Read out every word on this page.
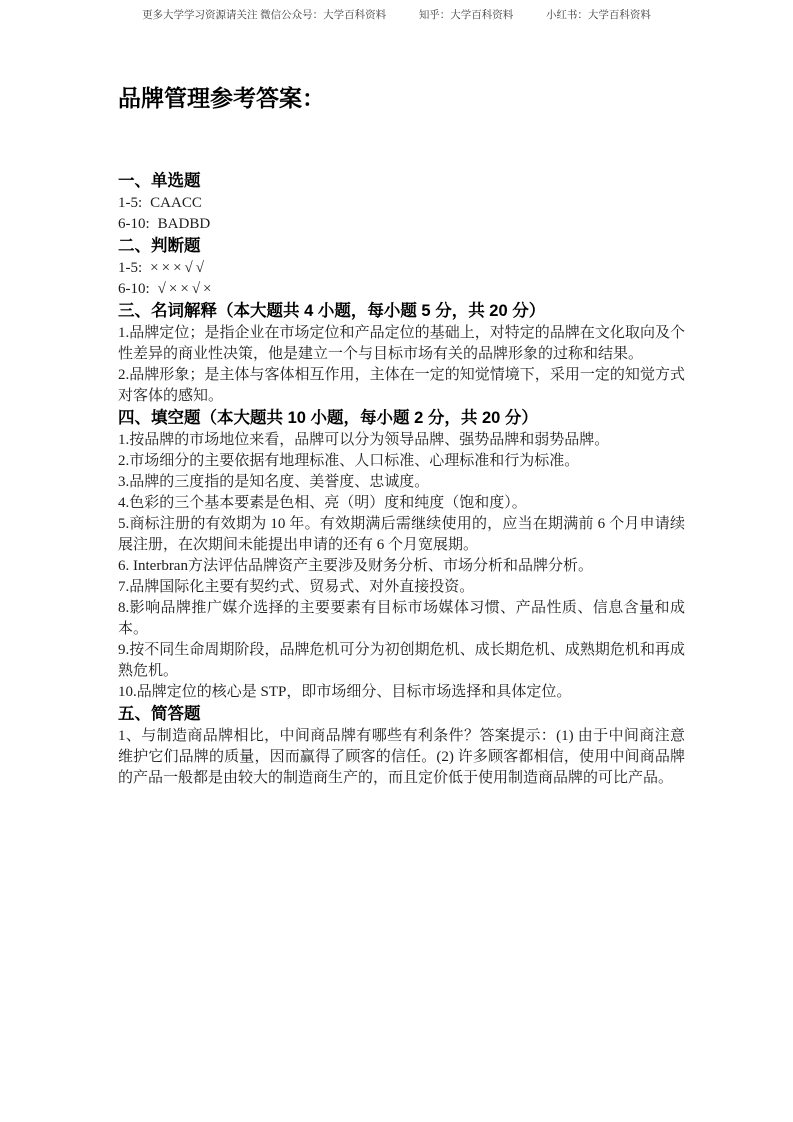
更多大学学习资源请关注 微信公众号：大学百科资料	知乎：大学百科资料	小红书：大学百科资料
品牌管理参考答案：
一、单选题

1-5: CAACC

6-10: BADBD

二、判断题

1-5: ×××√√

6-10: √××√×

三、名词解释（本大题共 4 小题，每小题 5 分，共 20 分）

1.品牌定位；是指企业在市场定位和产品定位的基础上，对特定的品牌在文化取向及个性差异的商业性决策，他是建立一个与目标市场有关的品牌形象的过称和结果。

2.品牌形象；是主体与客体相互作用，主体在一定的知觉情境下，采用一定的知觉方式对客体的感知。

四、填空题（本大题共 10 小题，每小题 2 分，共 20 分）

1.按品牌的市场地位来看，品牌可以分为领导品牌、强势品牌和弱势品牌。

2.市场细分的主要依据有地理标准、人口标准、心理标准和行为标准。

3.品牌的三度指的是知名度、美誉度、忠诚度。

4.色彩的三个基本要素是色相、亮（明）度和纯度（饱和度）。

5.商标注册的有效期为 10 年。有效期满后需继续使用的，应当在期满前 6 个月申请续展注册，在次期间未能提出申请的还有 6 个月宽展期。

6. Interbran方法评估品牌资产主要涉及财务分析、市场分析和品牌分析。

7.品牌国际化主要有契约式、贸易式、对外直接投资。

8.影响品牌推广媒介选择的主要要素有目标市场媒体习惯、产品性质、信息含量和成本。

9.按不同生命周期阶段，品牌危机可分为初创期危机、成长期危机、成熟期危机和再成熟危机。

10.品牌定位的核心是 STP，即市场细分、目标市场选择和具体定位。

五、简答题

1、与制造商品牌相比，中间商品牌有哪些有利条件？答案提示：(1) 由于中间商注意维护它们品牌的质量，因而赢得了顾客的信任。(2) 许多顾客都相信，使用中间商品牌的产品一般都是由较大的制造商生产的，而且定价低于使用制造商品牌的可比产品。
